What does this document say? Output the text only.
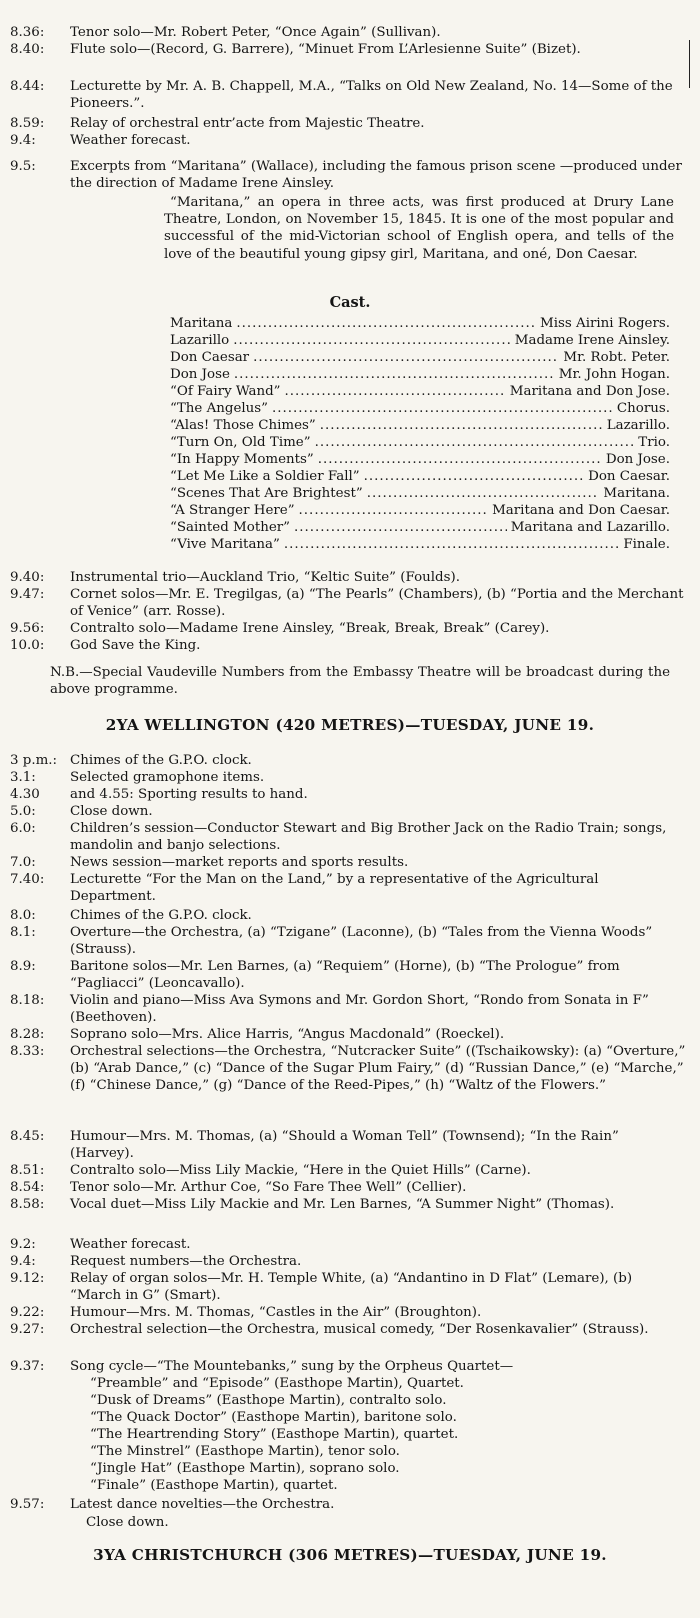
8.36: Tenor solo—Mr. Robert Peter, “Once Again” (Sullivan).
8.40: Flute solo—(Record, G. Barrere), “Minuet From L’Arlesienne Suite” (Bizet).
8.44: Lecturette by Mr. A. B. Chappell, M.A., “Talks on Old New Zealand, No. 14—Some of the Pioneers.”.
8.59: Relay of orchestral entr’acte from Majestic Theatre.
9.4:	Weather forecast.
9.5:	Excerpts from “Maritana” (Wallace), including the famous prison scene —produced under the direction of Madame Irene Ainsley.
“Maritana,” an opera in three acts, was first produced at Drury Lane Theatre, London, on November 15, 1845. It is one of the most popular and successful of the mid-Victorian school of English opera, and tells of the love of the beautiful young gipsy girl, Maritana, and oné, Don Caesar.
Cast.
Maritana .....	Miss Airini Rogers.
Lazarillo .....	Madame Irene Ainsley.
Don Caesar .....	Mr. Robt. Peter.
Don Jose .....	Mr. John Hogan.
“Of Fairy Wand” .....	Maritana and Don Jose.
“The Angelus” .....	Chorus.
“Alas! Those Chimes” .....	Lazarillo.
“Turn On, Old Time” .....	Trio.
“In Happy Moments” .....	Don Jose.
“Let Me Like a Soldier Fall” .....	Don Caesar.
“Scenes That Are Brightest” .....	Maritana.
“A Stranger Here” .....	Maritana and Don Caesar.
“Sainted Mother” .....	Maritana and Lazarillo.
“Vive Maritana” .....	Finale.
9.40: Instrumental trio—Auckland Trio, “Keltic Suite” (Foulds).
9.47: Cornet solos—Mr. E. Tregilgas, (a) “The Pearls” (Chambers), (b) “Portia and the Merchant of Venice” (arr. Rosse).
9.56: Contralto solo—Madame Irene Ainsley, “Break, Break, Break” (Carey).
10.0: God Save the King.
N.B.—Special Vaudeville Numbers from the Embassy Theatre will be broadcast during the above programme.
2YA WELLINGTON (420 METRES)—TUESDAY, JUNE 19.
3 p.m.: Chimes of the G.P.O. clock.
3.1:	Selected gramophone items.
4.30 and 4.55: Sporting results to hand.
5.0:	Close down.
6.0:	Children’s session—Conductor Stewart and Big Brother Jack on the Radio Train; songs, mandolin and banjo selections.
7.0:	News session—market reports and sports results.
7.40: Lecturette “For the Man on the Land,” by a representative of the Agricultural Department.
8.0:	Chimes of the G.P.O. clock.
8.1:	Overture—the Orchestra, (a) “Tzigane” (Laconne), (b) “Tales from the Vienna Woods” (Strauss).
8.9:	Baritone solos—Mr. Len Barnes, (a) “Requiem” (Horne), (b) “The Prologue” from “Pagliacci” (Leoncavallo).
8.18: Violin and piano—Miss Ava Symons and Mr. Gordon Short, “Rondo from Sonata in F” (Beethoven).
8.28: Soprano solo—Mrs. Alice Harris, “Angus Macdonald” (Roeckel).
8.33: Orchestral selections—the Orchestra, “Nutcracker Suite” ((Tschaikowsky): (a) “Overture,” (b) “Arab Dance,” (c) “Dance of the Sugar Plum Fairy,” (d) “Russian Dance,” (e) “Marche,” (f) “Chinese Dance,” (g) “Dance of the Reed-Pipes,” (h) “Waltz of the Flowers.”
8.45: Humour—Mrs. M. Thomas, (a) “Should a Woman Tell” (Townsend); “In the Rain” (Harvey).
8.51: Contralto solo—Miss Lily Mackie, “Here in the Quiet Hills” (Carne).
8.54: Tenor solo—Mr. Arthur Coe, “So Fare Thee Well” (Cellier).
8.58: Vocal duet—Miss Lily Mackie and Mr. Len Barnes, “A Summer Night” (Thomas).
9.2:	Weather forecast.
9.4:	Request numbers—the Orchestra.
9.12: Relay of organ solos—Mr. H. Temple White, (a) “Andantino in D Flat” (Lemare), (b) “March in G” (Smart).
9.22: Humour—Mrs. M. Thomas, “Castles in the Air” (Broughton).
9.27: Orchestral selection—the Orchestra, musical comedy, “Der Rosenkavalier” (Strauss).
9.37: Song cycle—“The Mountebanks,” sung by the Orpheus Quartet—
“Preamble” and “Episode” (Easthope Martin), Quartet.
“Dusk of Dreams” (Easthope Martin), contralto solo.
“The Quack Doctor” (Easthope Martin), baritone solo.
“The Heartrending Story” (Easthope Martin), quartet.
“The Minstrel” (Easthope Martin), tenor solo.
“Jingle Hat” (Easthope Martin), soprano solo.
“Finale” (Easthope Martin), quartet.
9.57: Latest dance novelties—the Orchestra.
Close down.
3YA CHRISTCHURCH (306 METRES)—TUESDAY, JUNE 19.
